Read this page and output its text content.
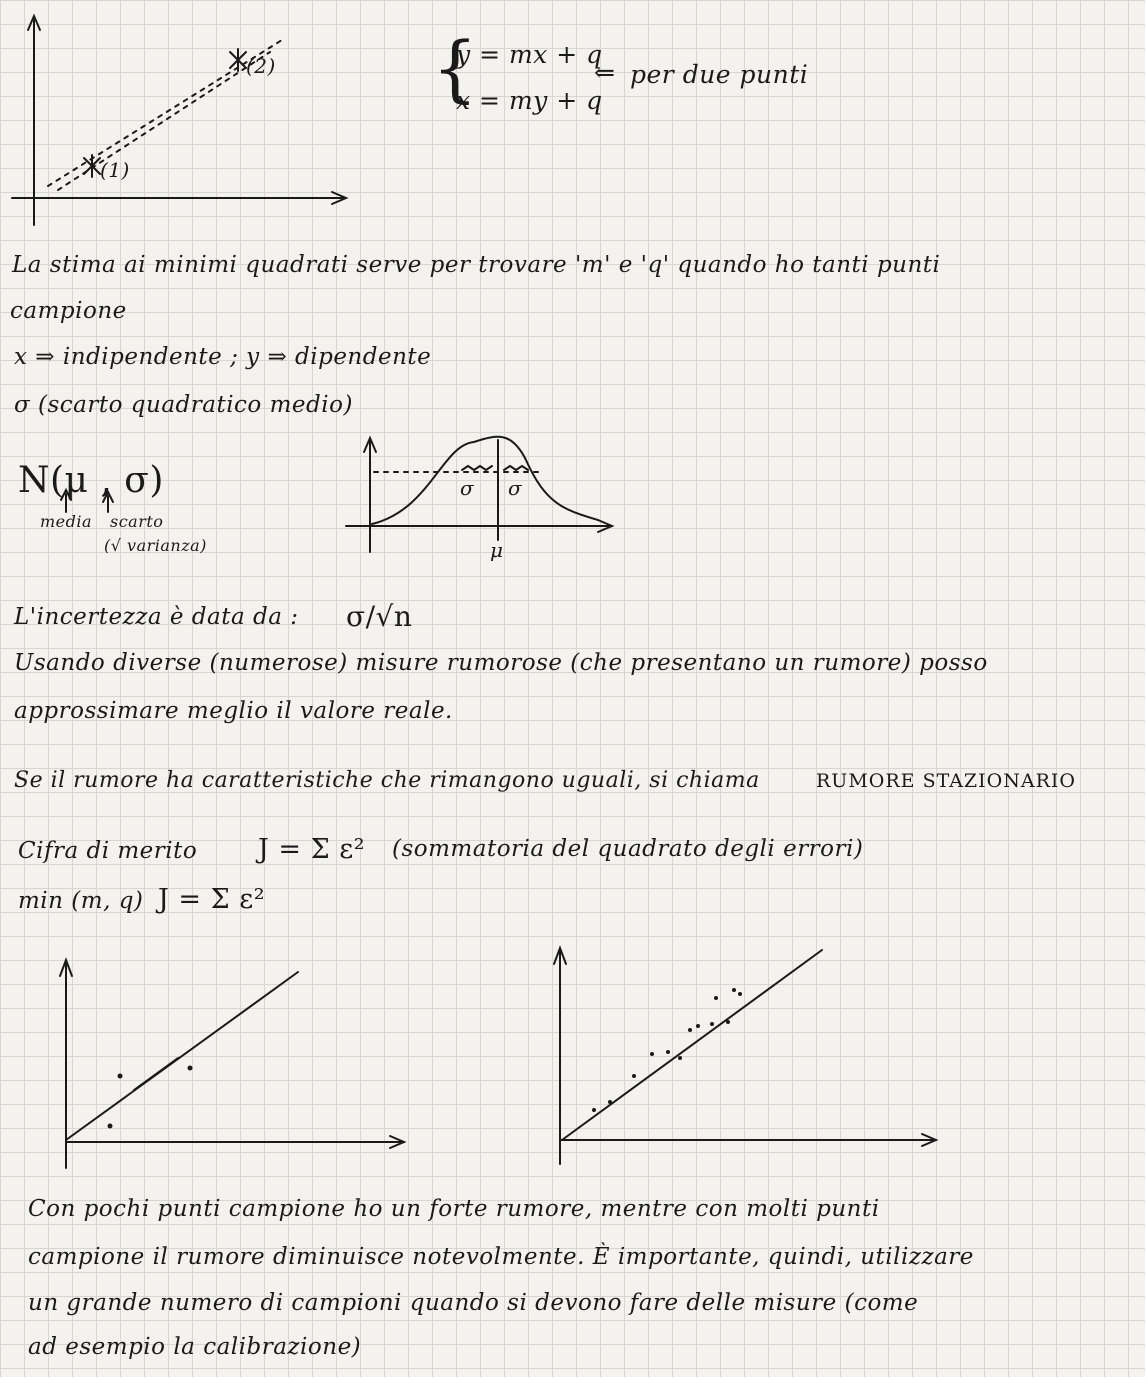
(1)
(2) {
y = mx + q
x = my + q
⇐ per due punti
La stima ai minimi quadrati serve per trovare 'm' e 'q' quando ho tanti punti
campione
x ⇒ indipendente ; y ⇒ dipendente
σ (scarto quadratico medio)
N(μ , σ)
media scarto
(√ varianza)
σ σ
μ
L'incertezza è data da : σ/√n
Usando diverse (numerose) misure rumorose (che presentano un rumore) posso
approssimare meglio il valore reale.
Se il rumore ha caratteristiche che rimangono uguali, si chiama	RUMORE STAZIONARIO
Cifra di merito J = Σ ε² (sommatoria del quadrato degli errori)
min (m, q) J = Σ ε²
Con pochi punti campione ho un forte rumore, mentre con molti punti
campione il rumore diminuisce notevolmente. È importante, quindi, utilizzare
un grande numero di campioni quando si devono fare delle misure (come
ad esempio la calibrazione)
